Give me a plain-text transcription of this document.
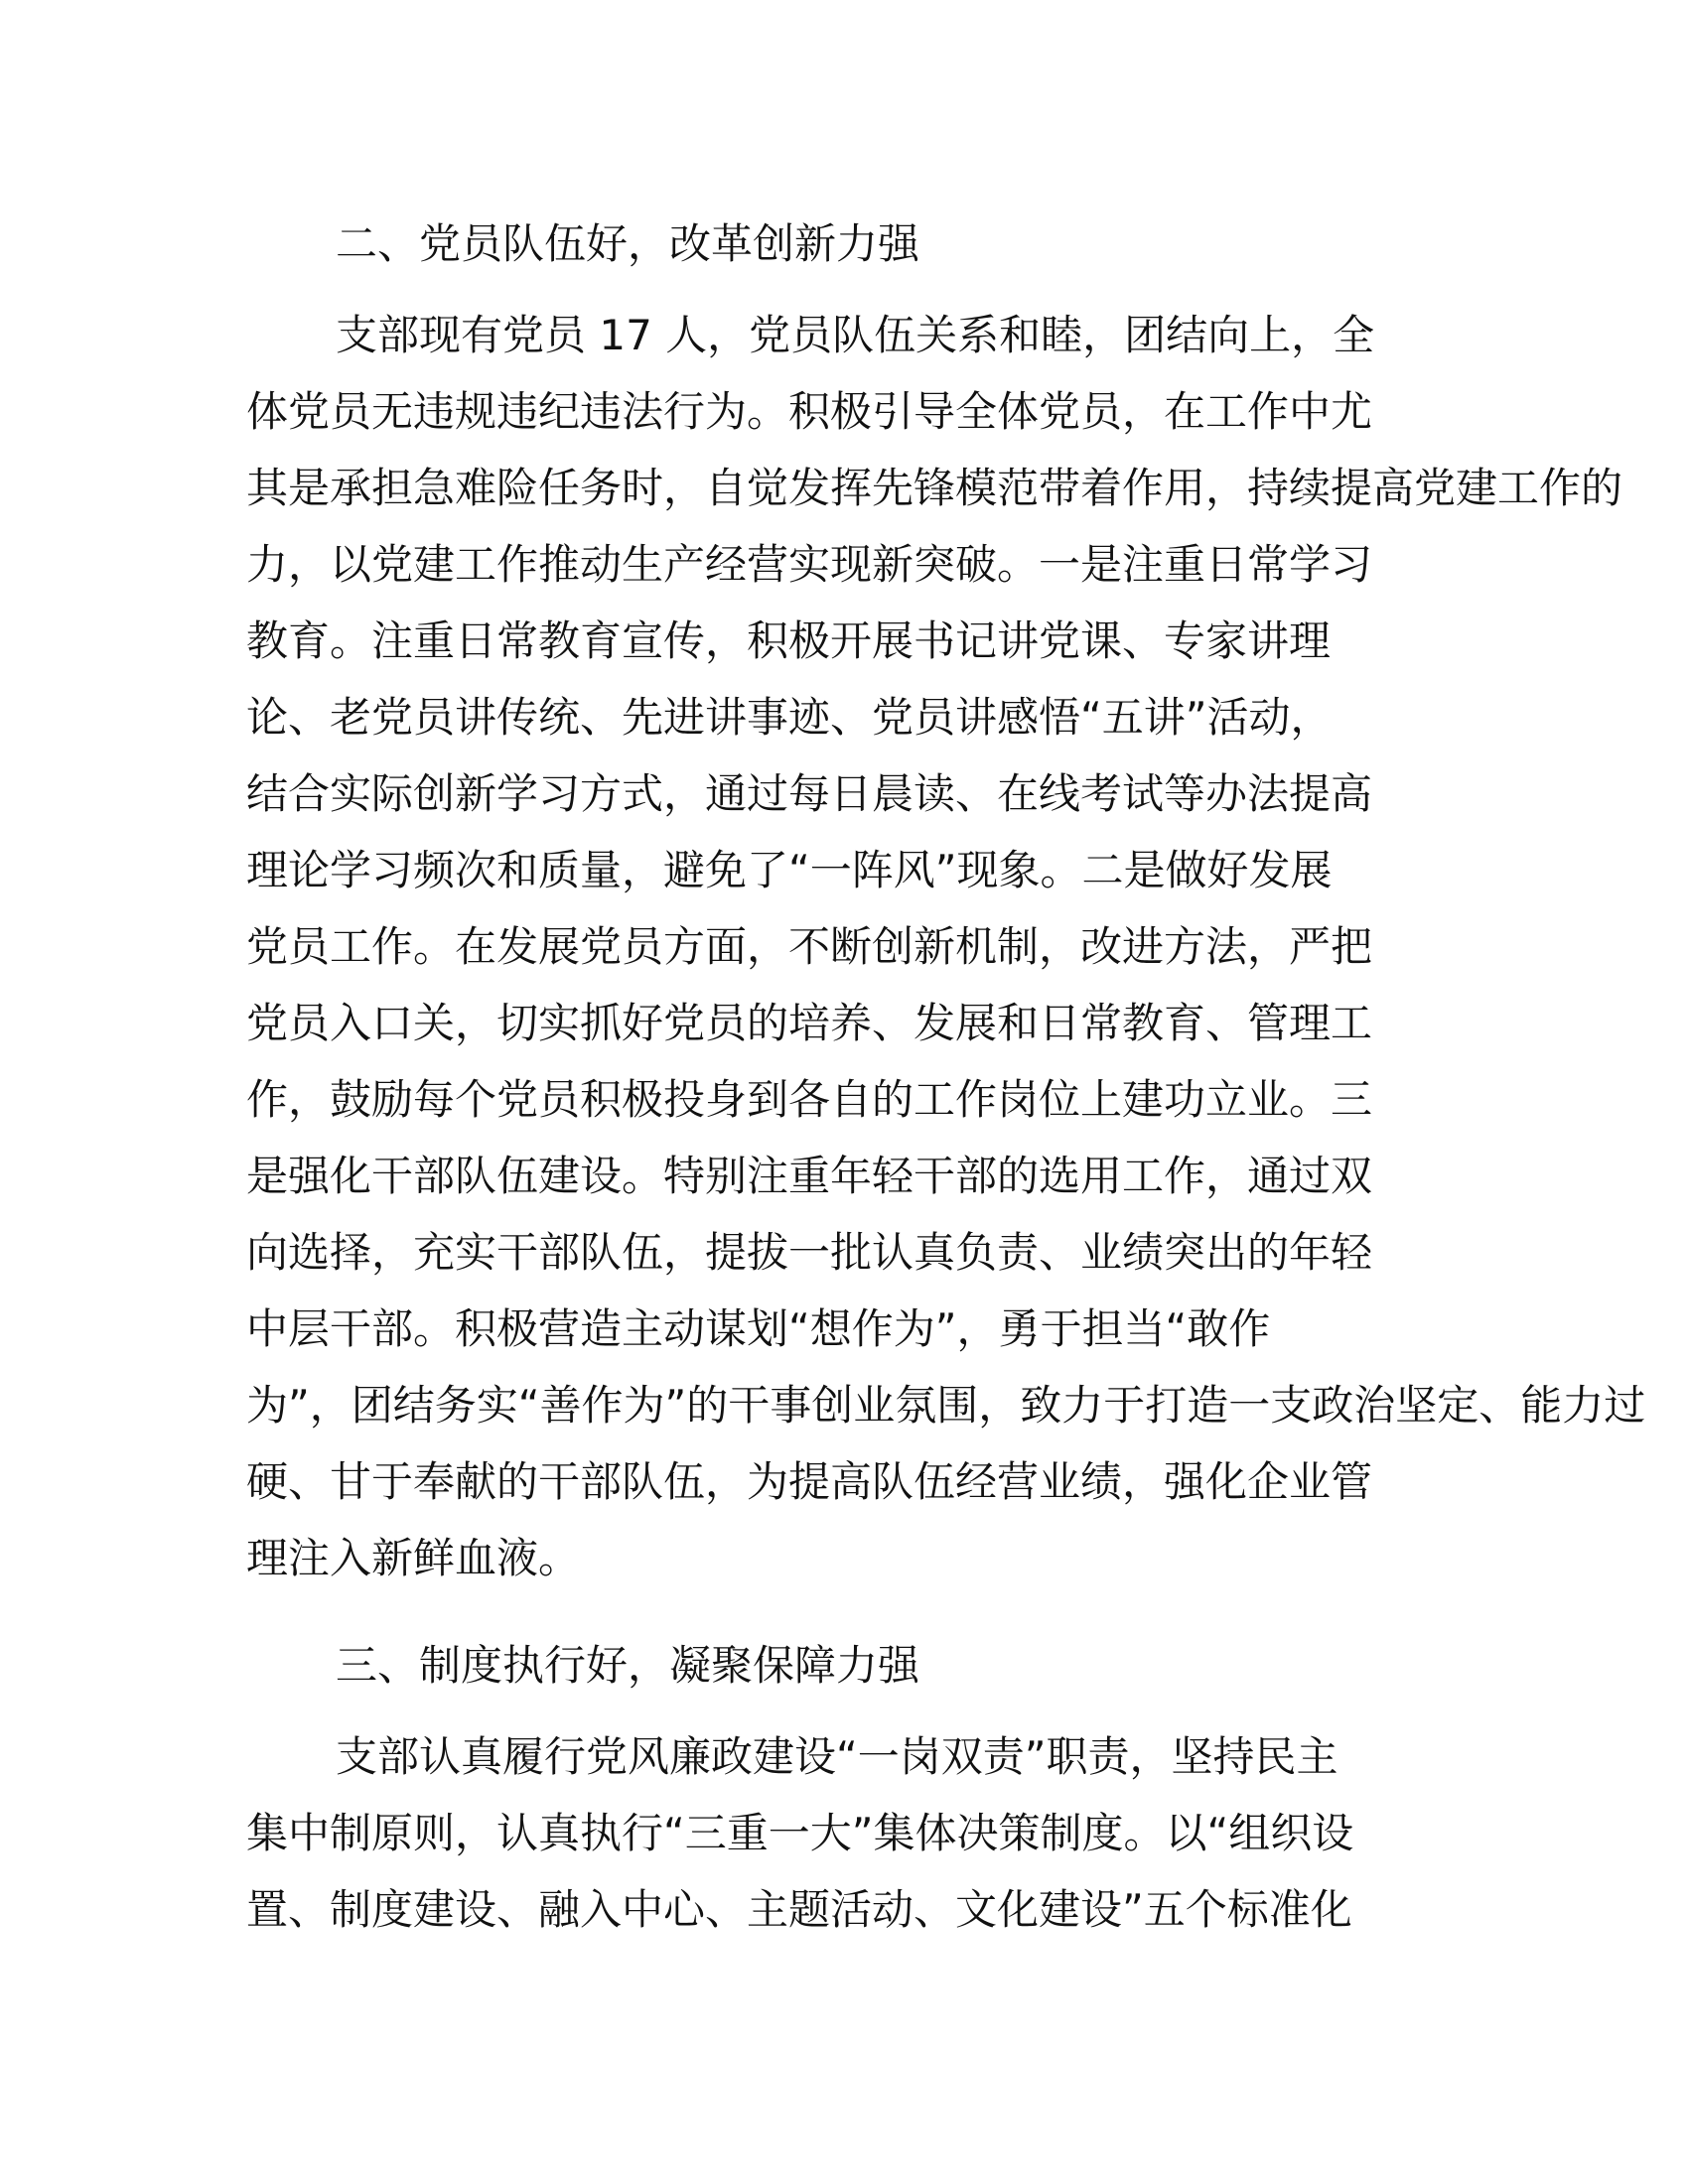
二、党员队伍好，改革创新力强
支部现有党员 17 人，党员队伍关系和睦，团结向上，全
体党员无违规违纪违法行为。积极引导全体党员，在工作中尤
其是承担急难险任务时，自觉发挥先锋模范带着作用，持续提高党建工作的
力，以党建工作推动生产经营实现新突破。一是注重日常学习
教育。注重日常教育宣传，积极开展书记讲党课、专家讲理
论、老党员讲传统、先进讲事迹、党员讲感悟“五讲”活动，
结合实际创新学习方式，通过每日晨读、在线考试等办法提高
理论学习频次和质量，避免了“一阵风”现象。二是做好发展
党员工作。在发展党员方面，不断创新机制，改进方法，严把
党员入口关，切实抓好党员的培养、发展和日常教育、管理工
作，鼓励每个党员积极投身到各自的工作岗位上建功立业。三
是强化干部队伍建设。特别注重年轻干部的选用工作，通过双
向选择，充实干部队伍，提拔一批认真负责、业绩突出的年轻
中层干部。积极营造主动谋划“想作为”，勇于担当“敢作
为”，团结务实“善作为”的干事创业氛围，致力于打造一支政治坚定、能力过
硬、甘于奉献的干部队伍，为提高队伍经营业绩，强化企业管
理注入新鲜血液。
三、制度执行好，凝聚保障力强
支部认真履行党风廉政建设“一岗双责”职责，坚持民主
集中制原则，认真执行“三重一大”集体决策制度。以“组织设
置、制度建设、融入中心、主题活动、文化建设”五个标准化
